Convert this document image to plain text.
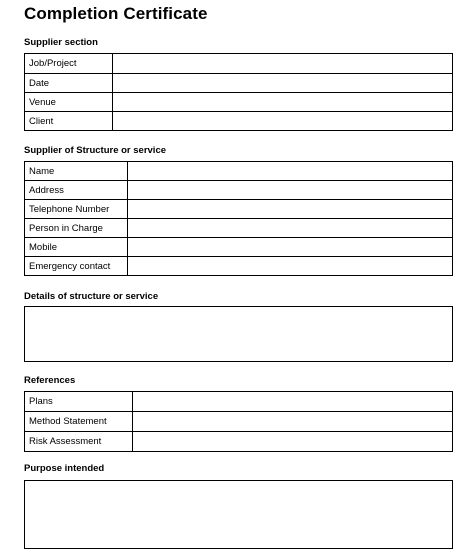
Completion Certificate
Supplier section
Job/Project	
Date	
Venue	
Client	
Supplier of Structure or service
Name	
Address	
Telephone Number	
Person in Charge	
Mobile	
Emergency contact	
Details of structure or service
References
Plans	
Method Statement	
Risk Assessment	
Purpose intended
